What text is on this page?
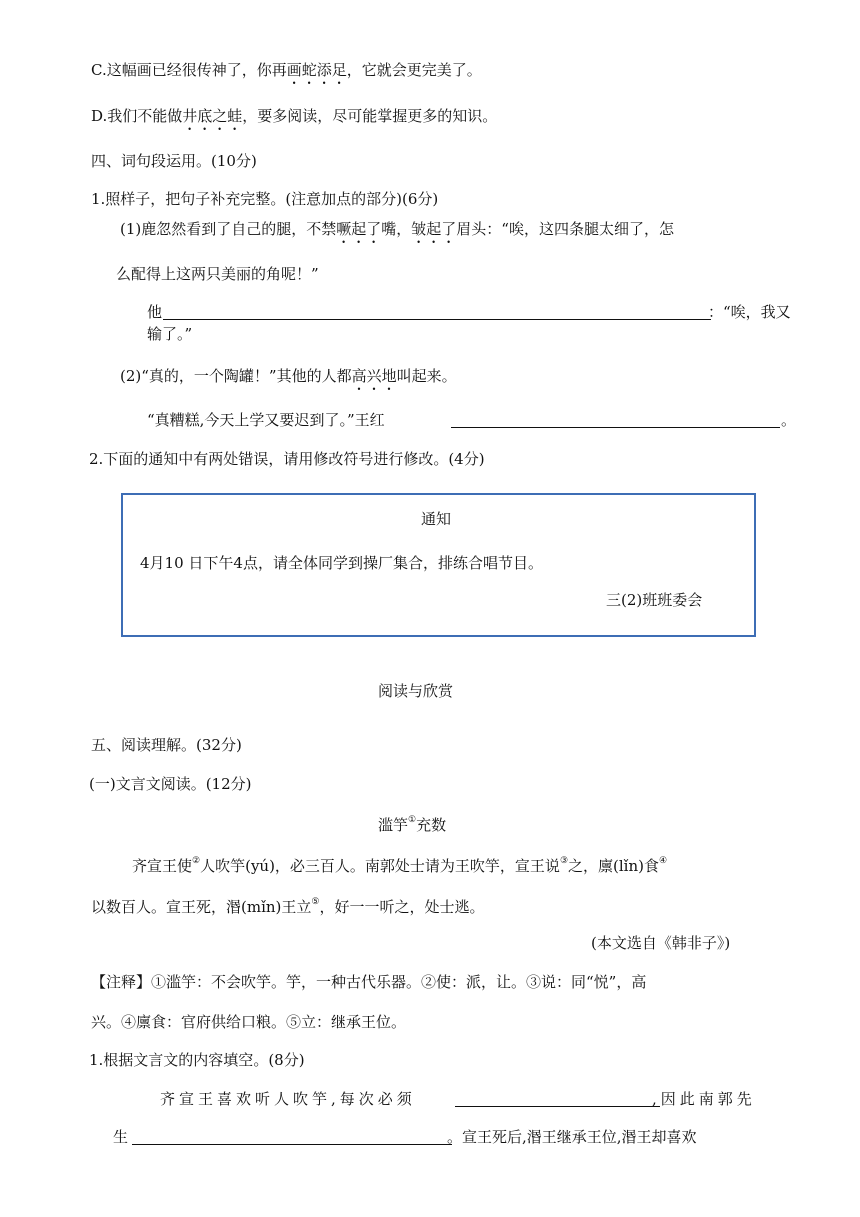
C.这幅画已经很传神了，你再画蛇添足，它就会更完美了。
D.我们不能做井底之蛙，要多阅读，尽可能掌握更多的知识。
四、词句段运用。(10分)
1.照样子，把句子补充完整。(注意加点的部分)(6分)
(1)鹿忽然看到了自己的腿，不禁噘起了嘴，皱起了眉头：“唉，这四条腿太细了，怎
么配得上这两只美丽的角呢！”
他	：“唉，我又
输了。”
(2)“真的，一个陶罐！”其他的人都高兴地叫起来。
“真糟糕,今天上学又要迟到了。”王红	。
2.下面的通知中有两处错误，请用修改符号进行修改。(4分)
通知
4月10 日下午4点，请全体同学到操厂集合，排练合唱节目。
三(2)班班委会
阅读与欣赏
五、阅读理解。(32分)
(一)文言文阅读。(12分)
滥竽①充数
齐宣王使②人吹竽(yú)，必三百人。南郭处士请为王吹竽，宣王说③之，廪(lǐn)食④
以数百人。宣王死，湣(mǐn)王立⑤，好一一听之，处士逃。
(本文选自《韩非子》)
【注释】①滥竽：不会吹竽。竽，一种古代乐器。②使：派，让。③说：同“悦”，高
兴。④廪食：官府供给口粮。⑤立：继承王位。
1.根据文言文的内容填空。(8分)
齐宣王喜欢听人吹竽,每次必须	,因此南郭先
生	。宣王死后,湣王继承王位,湣王却喜欢
